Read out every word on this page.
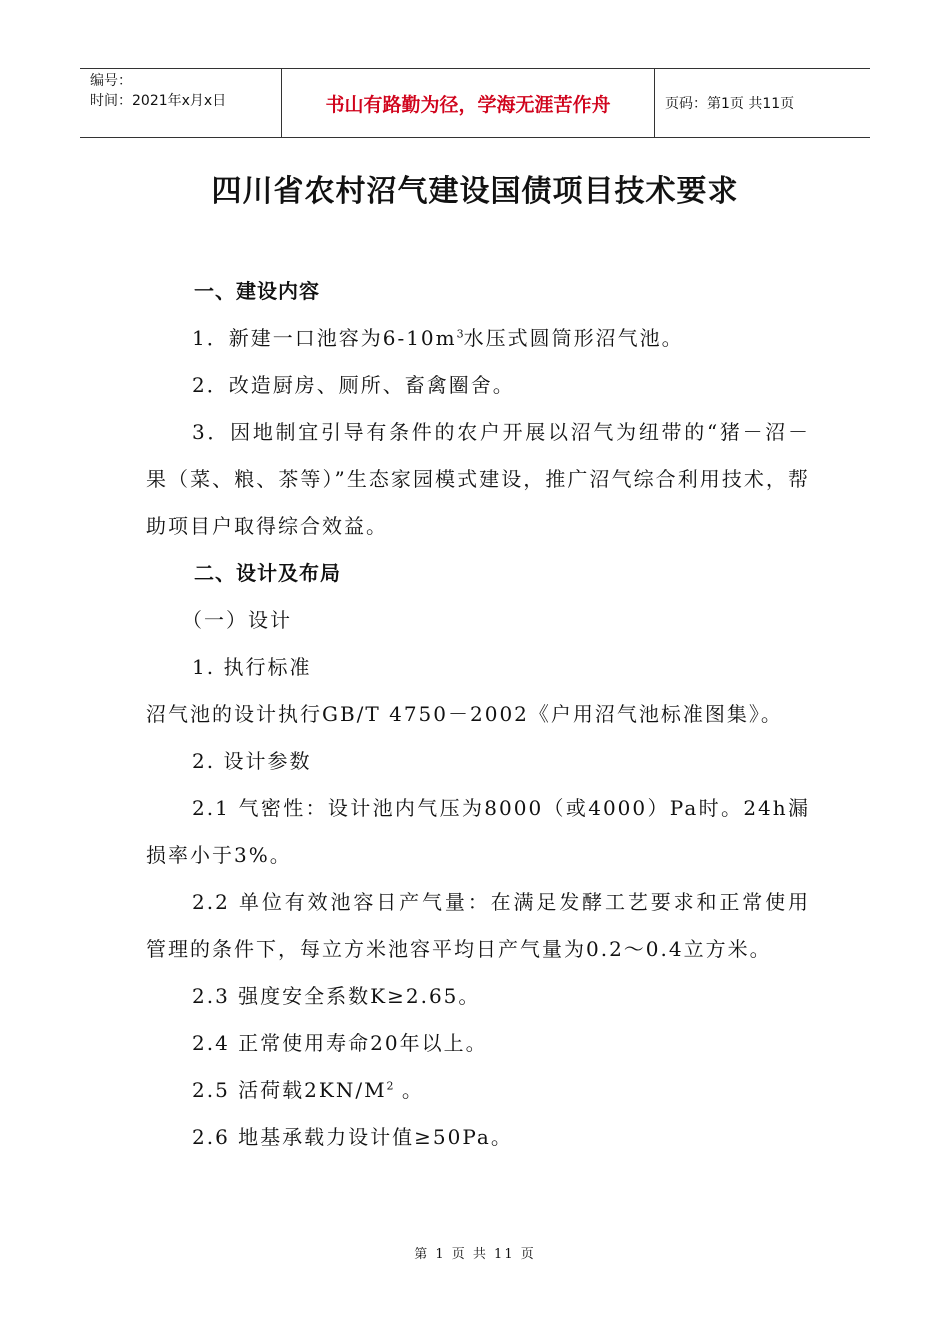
编号：
时间：2021年x月x日	书山有路勤为径，学海无涯苦作舟	页码：第1页 共11页
四川省农村沼气建设国债项目技术要求

一、建设内容

1．新建一口池容为$6-10m^3$水压式圆筒形沼气池。

2．改造厨房、厕所、畜禽圈舍。

3．因地制宜引导有条件的农户开展以沼气为纽带的“猪－沼－果（菜、粮、茶等）”生态家园模式建设，推广沼气综合利用技术，帮助项目户取得综合效益。

二、设计及布局

（一）设计

1. 执行标准

沼气池的设计执行GB/T 4750－2002《户用沼气池标准图集》。

2. 设计参数

2.1 气密性：设计池内气压为8000（或4000）Pa时。24h漏损率小于3%。

2.2 单位有效池容日产气量：在满足发酵工艺要求和正常使用管理的条件下，每立方米池容平均日产气量为0.2～0.4立方米。

2.3 强度安全系数K≥2.65。

2.4 正常使用寿命20年以上。

2.5 活荷载$2KN/M^2$ 。

2.6 地基承载力设计值≥50Pa。

第 1 页 共 11 页
